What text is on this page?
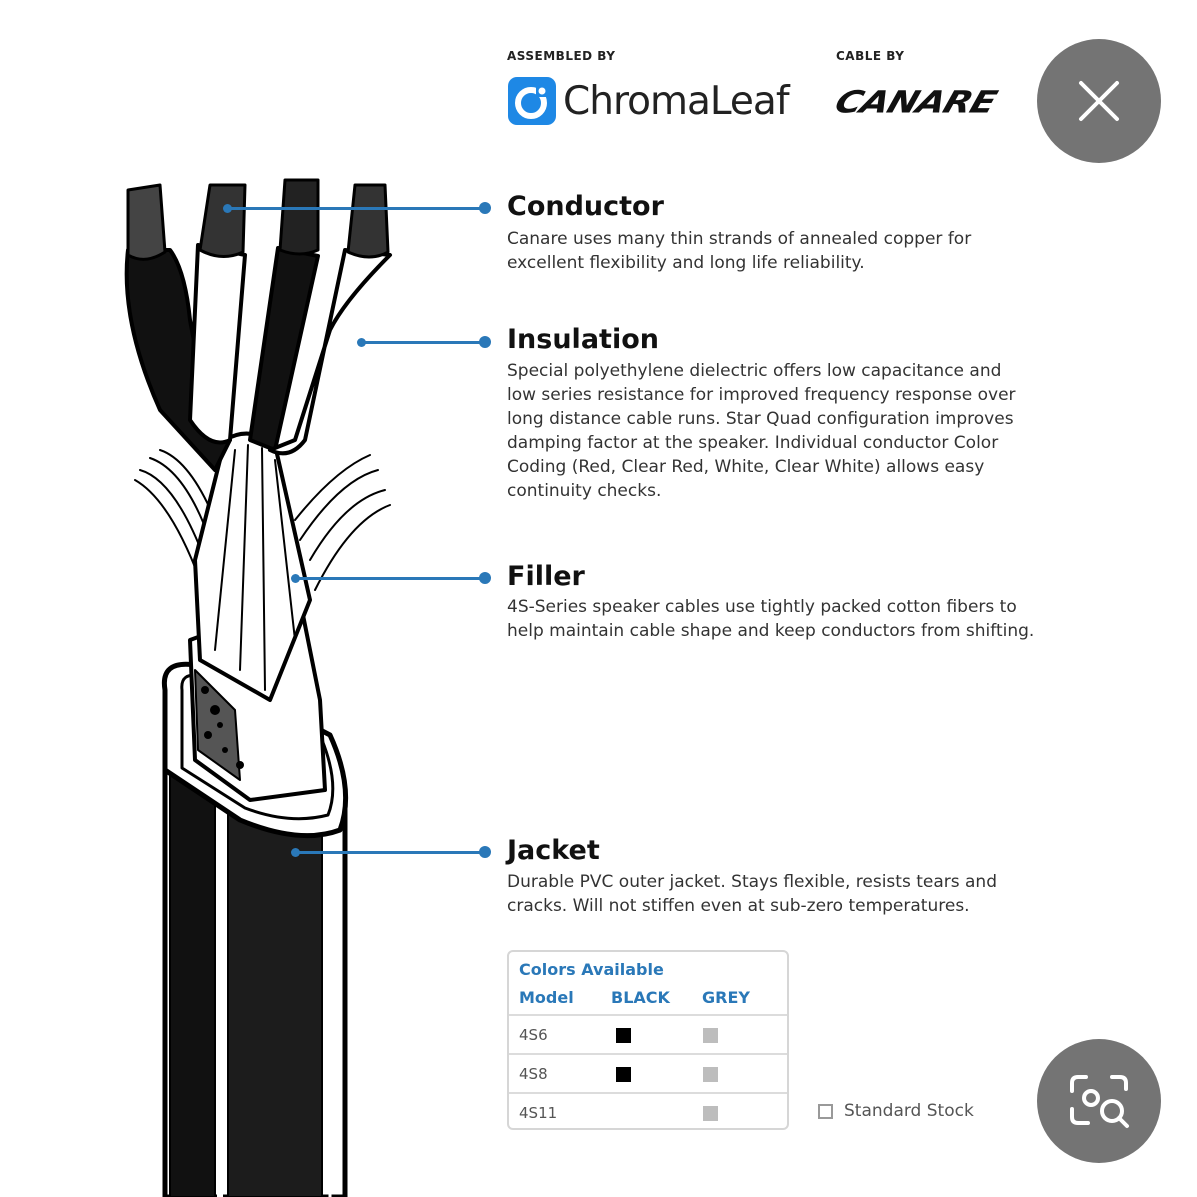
ASSEMBLED BY
ChromaLeaf
CABLE BY
CANARE
Conductor
Canare uses many thin strands of annealed copper for
excellent flexibility and long life reliability.
Insulation
Special polyethylene dielectric offers low capacitance and
low series resistance for improved frequency response over
long distance cable runs. Star Quad configuration improves
damping factor at the speaker. Individual conductor Color
Coding (Red, Clear Red, White, Clear White) allows easy
continuity checks.
Filler
4S-Series speaker cables use tightly packed cotton fibers to
help maintain cable shape and keep conductors from shifting.
Jacket
Durable PVC outer jacket. Stays flexible, resists tears and
cracks. Will not stiffen even at sub-zero temperatures.
Colors Available
Model BLACK GREY
4S6
4S8
4S11	Standard Stock
